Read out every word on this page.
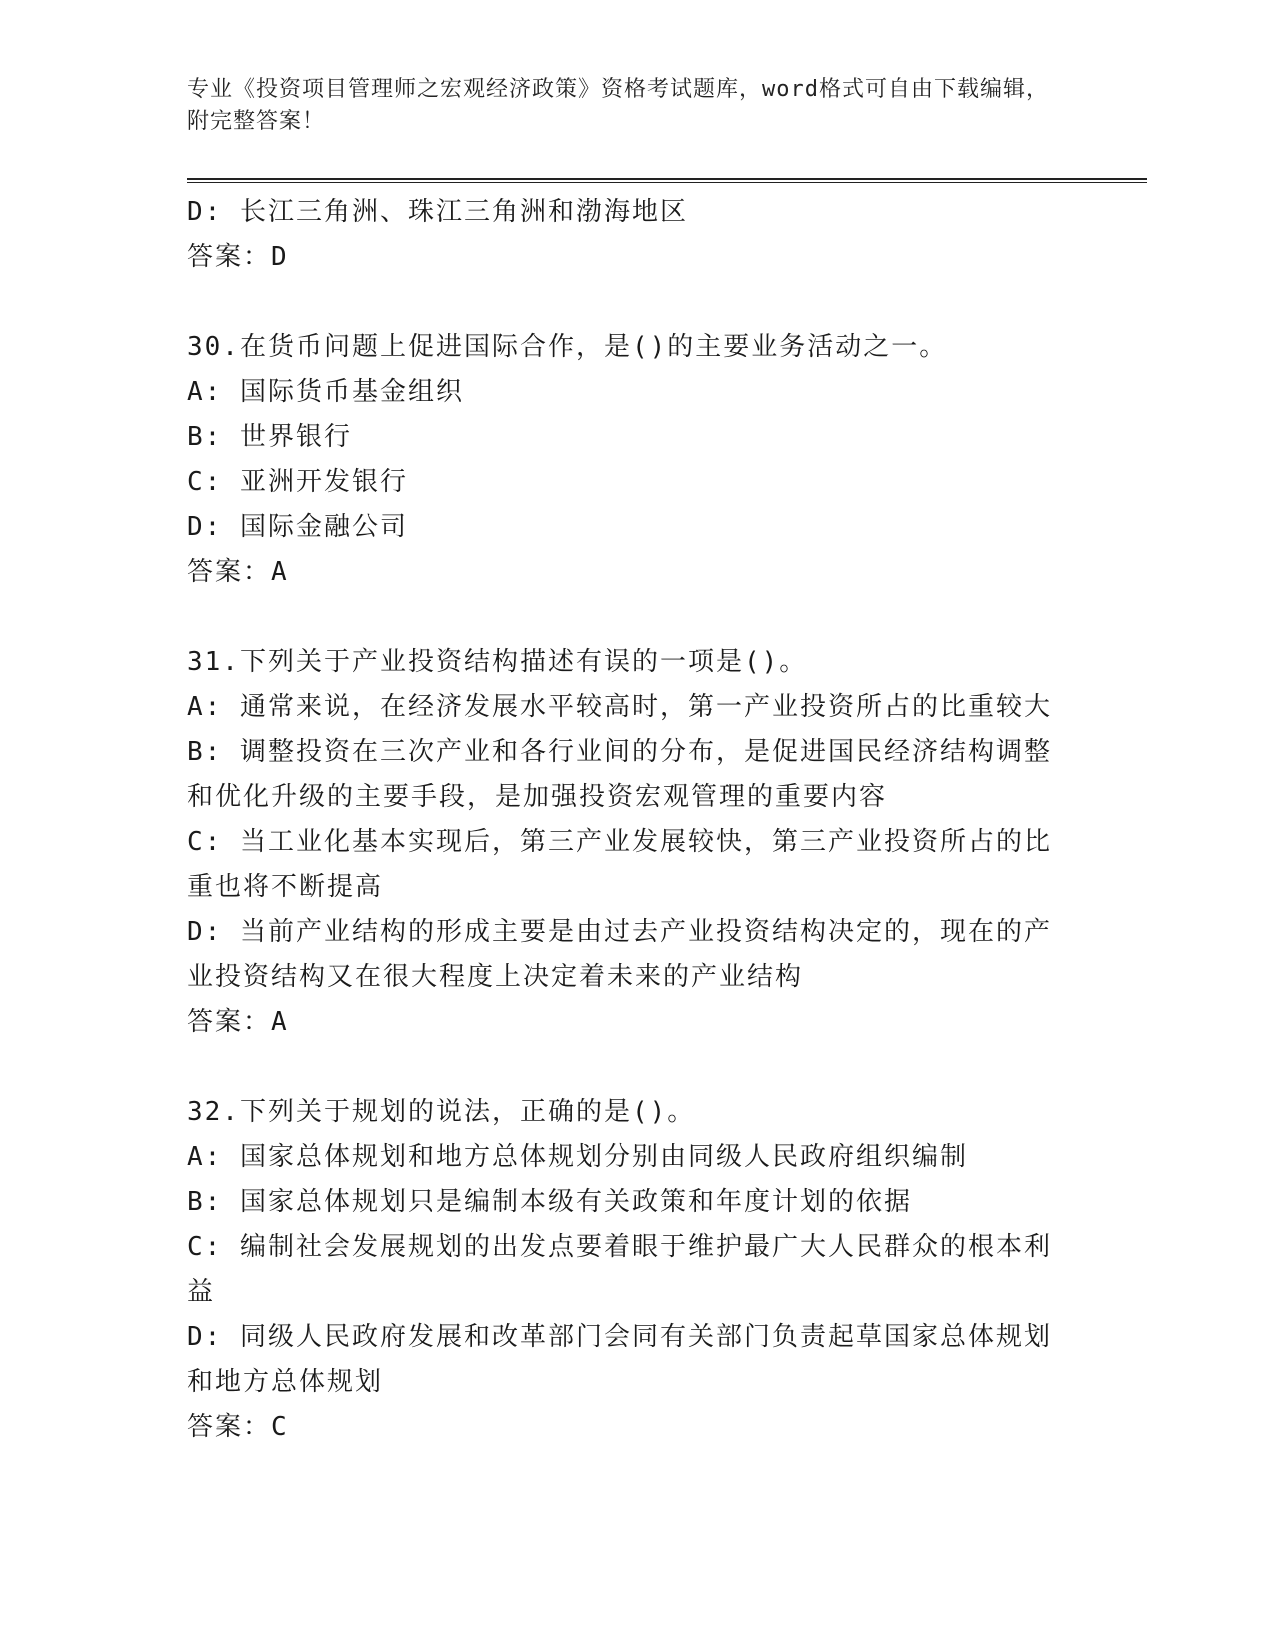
专业《投资项目管理师之宏观经济政策》资格考试题库，word格式可自由下载编辑，附完整答案！

D: 长江三角洲、珠江三角洲和渤海地区

答案：D

30.在货币问题上促进国际合作，是()的主要业务活动之一。

A: 国际货币基金组织

B: 世界银行

C: 亚洲开发银行

D: 国际金融公司

答案：A

31.下列关于产业投资结构描述有误的一项是()。

A: 通常来说，在经济发展水平较高时，第一产业投资所占的比重较大

B: 调整投资在三次产业和各行业间的分布，是促进国民经济结构调整和优化升级的主要手段，是加强投资宏观管理的重要内容

C: 当工业化基本实现后，第三产业发展较快，第三产业投资所占的比重也将不断提高

D: 当前产业结构的形成主要是由过去产业投资结构决定的，现在的产业投资结构又在很大程度上决定着未来的产业结构

答案：A

32.下列关于规划的说法，正确的是()。

A: 国家总体规划和地方总体规划分别由同级人民政府组织编制

B: 国家总体规划只是编制本级有关政策和年度计划的依据

C: 编制社会发展规划的出发点要着眼于维护最广大人民群众的根本利益

D: 同级人民政府发展和改革部门会同有关部门负责起草国家总体规划和地方总体规划

答案：C
